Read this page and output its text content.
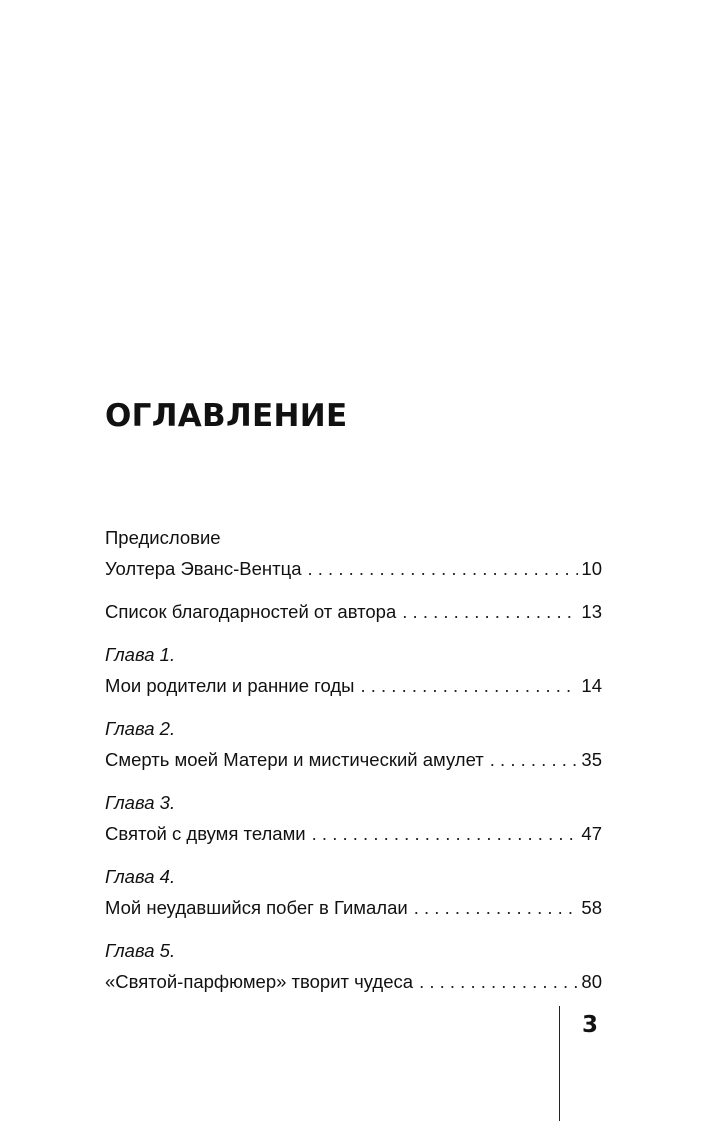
ОГЛАВЛЕНИЕ
Предисловие
Уолтера Эванс-Вентца . . .	10
Список благодарностей от автора . . .	13
Глава 1.
Мои родители и ранние годы . . .	14
Глава 2.
Смерть моей Матери и мистический амулет . . .	35
Глава 3.
Святой с двумя телами . . .	47
Глава 4.
Мой неудавшийся побег в Гималаи . . .	58
Глава 5.
«Святой-парфюмер» творит чудеса . . .	80
3
